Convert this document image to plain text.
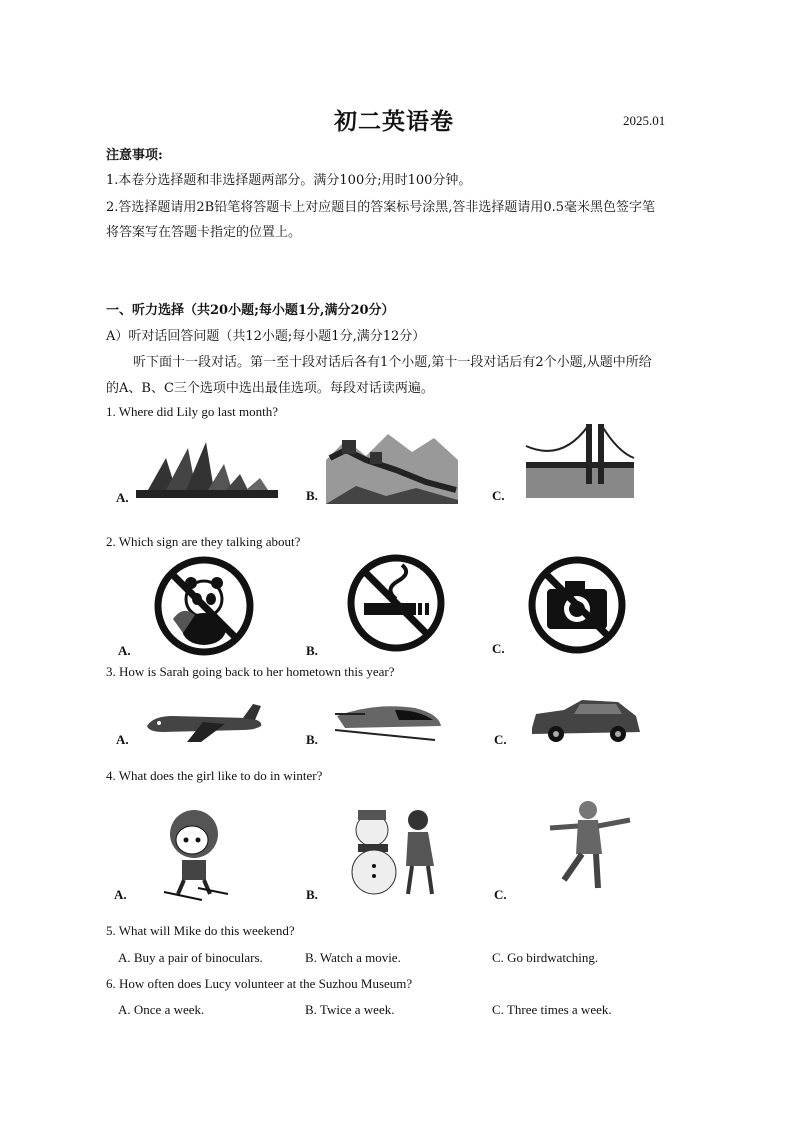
初二英语卷	2025.01
注意事项:
1.本卷分选择题和非选择题两部分。满分100分;用时100分钟。
2.答选择题请用2B铅笔将答题卡上对应题目的答案标号涂黑,答非选择题请用0.5毫米黑色签字笔
将答案写在答题卡指定的位置上。
一、听力选择（共20小题;每小题1分,满分20分）
A）听对话回答问题（共12小题;每小题1分,满分12分）
听下面十一段对话。第一至十段对话后各有1个小题,第十一段对话后有2个小题,从题中所给
的A、B、C三个选项中选出最佳选项。每段对话读两遍。
1. Where did Lily go last month?
A.	B.	C.
2. Which sign are they talking about?
A.	B.	C.
3. How is Sarah going back to her hometown this year?
A.	B.	C.
4. What does the girl like to do in winter?
A.	B.	C.
5. What will Mike do this weekend?
A. Buy a pair of binoculars.	B. Watch a movie.	C. Go birdwatching.
6. How often does Lucy volunteer at the Suzhou Museum?
A. Once a week.	B. Twice a week.	C. Three times a week.
